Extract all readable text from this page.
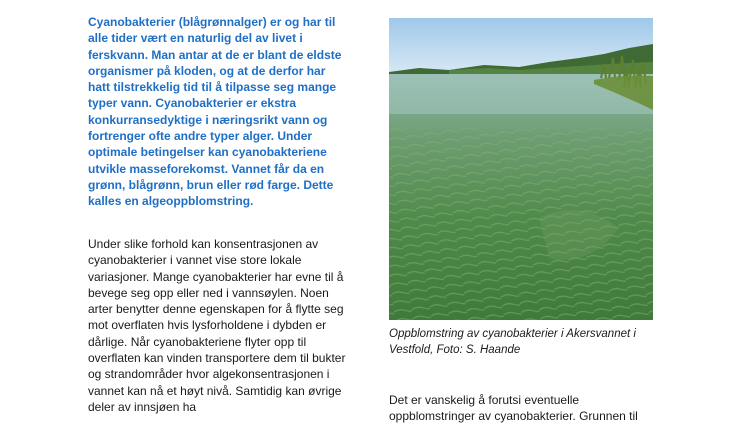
Cyanobakterier (blågrønnalger) er og har til alle tider vært en naturlig del av livet i ferskvann. Man antar at de er blant de eldste organismer på kloden, og at de derfor har hatt tilstrekkelig tid til å tilpasse seg mange typer vann. Cyanobakterier er ekstra konkurransedyktige i næringsrikt vann og fortrenger ofte andre typer alger. Under optimale betingelser kan cyanobakteriene utvikle masseforekomst. Vannet får da en grønn, blågrønn, brun eller rød farge. Dette kalles en algeoppblomstring.
Under slike forhold kan konsentrasjonen av cyanobakterier i vannet vise store lokale variasjoner. Mange cyanobakterier har evne til å bevege seg opp eller ned i vannsøylen. Noen arter benytter denne egenskapen for å flytte seg mot overflaten hvis lysforholdene i dybden er dårlige. Når cyanobakteriene flyter opp til overflaten kan vinden transportere dem til bukter og strandområder hvor algekonsentrasjonen i vannet kan nå et høyt nivå. Samtidig kan øvrige deler av innsjøen ha
Oppblomstring av cyanobakterier i Akersvannet i Vestfold, Foto: S. Haande
Det er vanskelig å forutsi eventuelle oppblomstringer av cyanobakterier. Grunnen til
